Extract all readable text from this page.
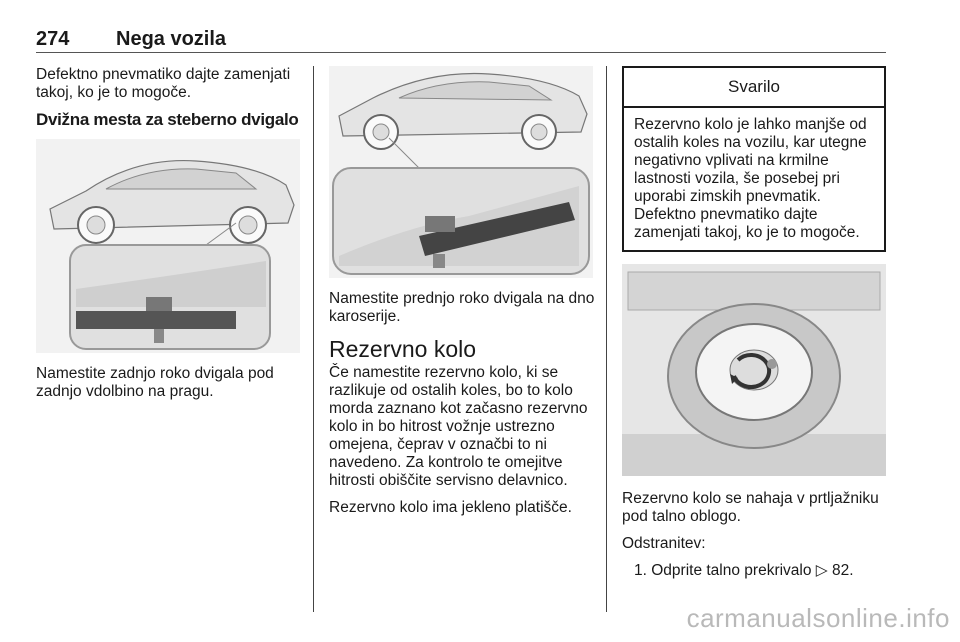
274 Nega vozila

Defektno pnevmatiko dajte zamenjati takoj, ko je to mogoče.

Dvižna mesta za steberno dvigalo

Namestite zadnjo roko dvigala pod zadnjo vdolbino na pragu.

Namestite prednjo roko dvigala na dno karoserije.

Rezervno kolo

Če namestite rezervno kolo, ki se razlikuje od ostalih koles, bo to kolo morda zaznano kot začasno rezervno kolo in bo hitrost vožnje ustrezno omejena, čeprav v označbi to ni navedeno. Za kontrolo te omejitve hitrosti obiščite servisno delavnico.

Rezervno kolo ima jekleno platišče.

Svarilo
Rezervno kolo je lahko manjše od ostalih koles na vozilu, kar utegne negativno vplivati na krmilne lastnosti vozila, še posebej pri uporabi zimskih pnevmatik. Defektno pnevmatiko dajte zamenjati takoj, ko je to mogoče.

Rezervno kolo se nahaja v prtljažniku pod talno oblogo.

Odstranitev:

1. Odprite talno prekrivalo ▷ 82.
carmanualsonline.info
